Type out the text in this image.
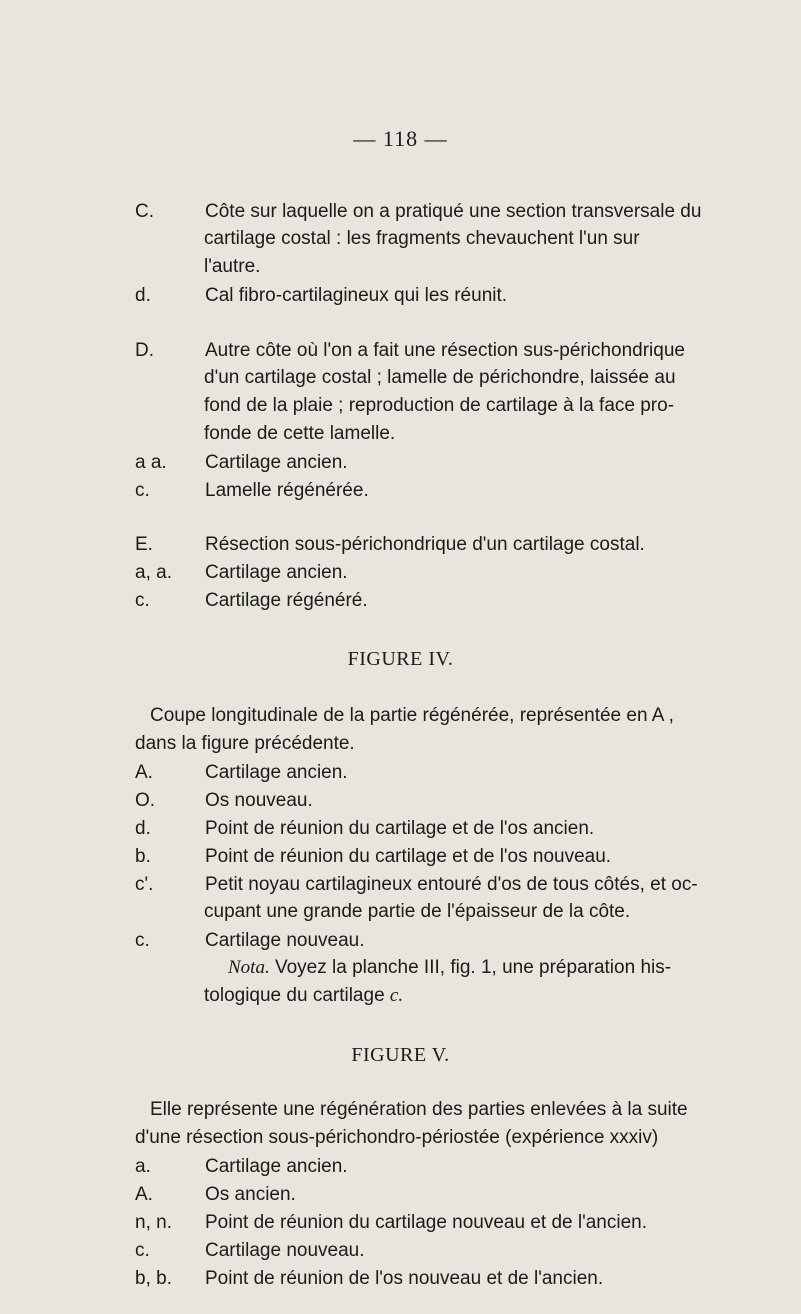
— 118 —
C.	Côte sur laquelle on a pratiqué une section transversale du
cartilage costal : les fragments chevauchent l'un sur
l'autre.
d.	Cal fibro-cartilagineux qui les réunit.
D.	Autre côte où l'on a fait une résection sus-périchondrique
d'un cartilage costal ; lamelle de périchondre, laissée au
fond de la plaie ; reproduction de cartilage à la face pro-
fonde de cette lamelle.
a a. Cartilage ancien.
c.	Lamelle régénérée.
E.	Résection sous-périchondrique d'un cartilage costal.
a, a. Cartilage ancien.
c.	Cartilage régénéré.
FIGURE IV.
Coupe longitudinale de la partie régénérée, représentée en A ,
dans la figure précédente.
A.	Cartilage ancien.
O.	Os nouveau.
d.	Point de réunion du cartilage et de l'os ancien.
b.	Point de réunion du cartilage et de l'os nouveau.
c'.	Petit noyau cartilagineux entouré d'os de tous côtés, et oc-
cupant une grande partie de l'épaisseur de la côte.
c.	Cartilage nouveau.
Nota. Voyez la planche III, fig. 1, une préparation his-
tologique du cartilage c.
FIGURE V.
Elle représente une régénération des parties enlevées à la suite
d'une résection sous-périchondro-périostée (expérience xxxiv)
a.	Cartilage ancien.
A.	Os ancien.
n, n. Point de réunion du cartilage nouveau et de l'ancien.
c.	Cartilage nouveau.
b, b. Point de réunion de l'os nouveau et de l'ancien.
